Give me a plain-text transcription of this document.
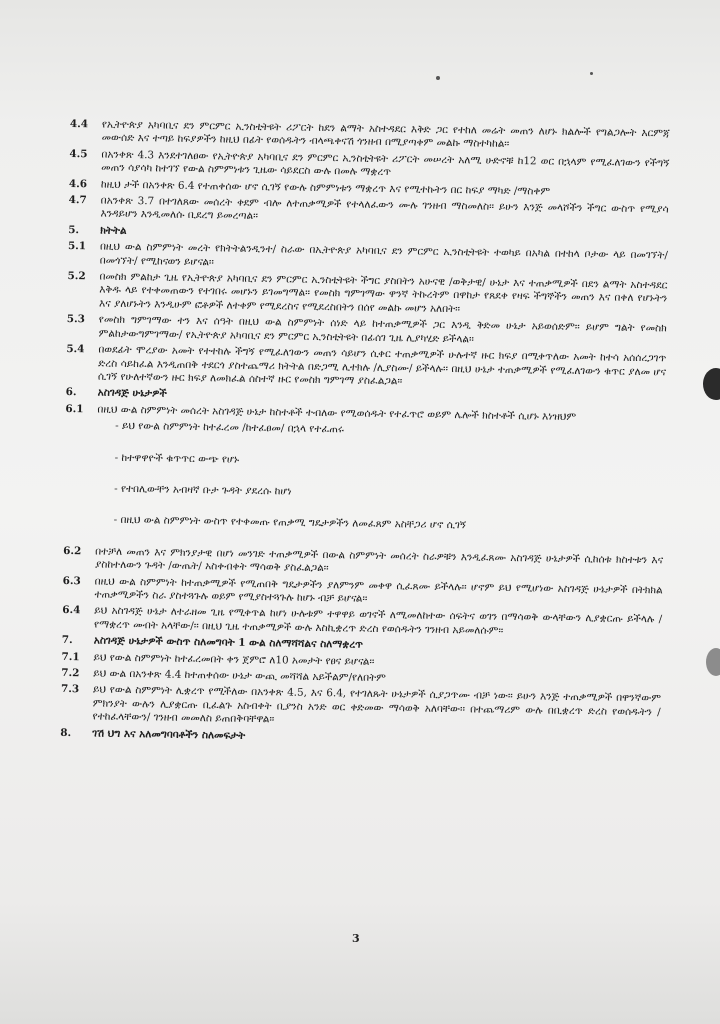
4.4	የኢትዮጵያ አካባቢና ደን ምርምር ኢንስቲትዩት ሪፖርት ከደን ልማት አስተዳደር እቅድ ጋር የተከለ መሬት መጠን ለሆኑ ክልሎች የግልጋሎት እርምጃ መውሰድ እና ተጣይ ከፍያዎችን ከዚህ በፊት የወሰዱትን ብላጫቀናሽ ጎንዘብ በሚያጣቀም መልኩ ማስተካከል፡፡
4.5	በአንቀጽ 4.3 እንደተገለፀው የኢትዮጵያ አካባቢና ደን ምርምር ኢንስቲትዩት ሪፖርት መሠረት አለሚ ሁድኖቹ ከ12 ወር በኋላም የሚፈለገውን የችግኝ መጠን ሳያሳካ ከተገኘ የውል ስምምነቱን ጊዜው ሳይደርስ ውሉ በመሉ ማቋረጥ
4.6	ከዚህ ታች በአንቀጽ 6.4 የተጠቀሰው ሆኖ ሲገኝ የውሉ ስምምነቱን ማቋረጥ እና የሚተኩትን በር ከፍያ ማካድ /ማስቀም
4.7	በአንቀጽ 3.7 በተገለጸው መሰረት ቀደም ብሎ ለተጠቃሚዎች የተላለፈውን ሙሉ ገንዘብ ማስመለስ፡፡ ይሁን እንጅ መላሾችን ችግር ውስጥ የሚያሳ እንዳይሆን እንዲመለሱ ቢደረግ ይመረጣል፡፡
5.	ክትትል
5.1	በዚህ ውል ስምምነት መረት የክትትልንዲንተ/ ስራው በኢትዮጵያ አካባቢና ደን ምርምር ኢንስቲትዩት ተወካይ በአካል በተከላ ቦታው ላይ በመገኘት/በመጎኘት/ የሚከናወን ይሆናል፡፡
5.2	በመስክ ምልከታ ጊዜ የኢትዮጵያ አካባቢና ደን ምርምር ኢንስቲትዩት ችግር ያስበትን አሁናዊ /ወቅታዊ/ ሁኔታ እና ተጠቃሚዎች በደን ልማት አስተዳደር እቅዱ ላይ የተቀመጠውን የተገበሩ መሆኑን ይገመግማል፡፡ የመስክ ግምገማው ዋንኛ ትኩረትም በዋከታ የጸደቀ የዛፍ ችግኞችን መጠን እና በቀለ የሆኑትን እና ያለሆኑትን እንዲሁም ፎቶዎች ለተቀም የሚደረስና የሚደረስበትን በሰየ መልኩ መሆን አለበት፡፡
5.3	የመስክ ግምገማው ተን እና ሰዓት በዚህ ውል ስምምነት ሰነድ ላይ ከተጠቃሚዎች ጋር እንዲ ቅድመ ሁኔታ አይወሰድም፡፡ ይሆም ግልት የመስክ ምልከታውግምገማው/ የኢትዮጵያ አካባቢና ደን ምርምር ኢንስቲትዩት በፊሰገ ጊዜ ሊያካሂድ ይችላል፡፡
5.4	በወደፊት ሞረያው አመት የተተከሉ ችግኝ የሚፈለገውን መጠን ሳይሆን ሲቀር ተጠቃሚዎች ሁሉተኛ ዙር ክፍያ በሚቀጥለው አመት ከተሳ አሰሰረጋገጥ ድረስ ሳይከፈል እንዲጠበቅ ተደርጎ ያስተጨማሪ ክትትል በድጋሚ ሊተክሉ /ሊያስሙ/ ይችላሉ፡፡ በዚህ ሁኔታ ተጠቃሚዎች የሚፈለገውን ቁጥር ያለመ ሆና ሲገኝ የሁለተኛውን ዙር ክፍያ ለመክፈል ሰስተኛ ዙር የመስክ ግምገማ ያስፈልጋል፡፡
6.	አስገዳጅ ሁኔታዎች
6.1	በዚህ ውል ስምምነት መሰረት አስገዳጅ ሁኔታ ከስተቶች ተብለው የሚወሰዱት የተፈጥሮ ወይም ሌሎች ክስተቶች ሲሆኑ እነዝህም
- ይህ የውል ስምምነት ከተፈረመ /ከተፈፀመ/ በኋላ የተፈጠሩ
- ከተዋዋዮች ቁጥጥር ውጭ የሆኑ
- የተበሊውቸን አብዛኛ ቡታ ጉዳት ያደረሱ ከሆነ
- በዚህ ውል ስምምነት ውስጥ የተቀመጡ የጠቃሚ ግዴታዎችን ለመፈጸም አስቸጋሪ ሆኖ ሲገኝ
6.2	በተቻለ መጠን እና ምክንያታዊ በሆነ መንገድ ተጠቃሚዎች በውል ስምምነት መሰረት ስራዎቹን እንዲፈጸሙ አስገዳጅ ሁኔታዎች ሲከሰቱ ክስተቱን እና ያስከተለውን ጉዳት /ውጤት/ አስቀብቀት ማሳወቅ ያስፈልጋል፡፡
6.3	በዚህ ውል ስምምነት ከተጠቃሚዎች የሚጠበቅ ግዴታዎችን ያለምንም መቀዋ ሲፈጸሙ ይችላሉ፡፡ ሆኖም ይህ የሚሆነው አስገዳጅ ሁኔታዎች በትክክል ተጠቃሚዎችን ስራ ያስተጓጉሉ ወይም የሚያስተጓጉሉ ከሆኑ ብቻ ይሆናል፡፡
6.4	ይህ አስገዳጅ ሁኔታ ለተራዘመ ጊዜ የሚቀጥል ከሆነ ሁሉቱም ተዋዋይ ወገኖች ለሚመለከተው ሰፍትና ወገን በማሳወቅ ውላቸውን ሊያቋርጡ ይችላሉ /የማቋረጥ መብት አላቸው/፡፡ በዚህ ጊዜ ተጠቃሚዎች ውሉ እስኪቋረጥ ድረስ የወሰዱትን ገንዘብ አይመለሱም፡፡
7.	አስገዳጅ ሁኔታዎች ውስጥ ስለመግባት 1 ውል ስለማሻሻልና ስለማቋረጥ
7.1	ይህ የውል ስምምነት ከተፈረመበት ቀን ጀምሮ ለ10 አመታት የፀና ይሆናል፡፡
7.2	ይህ ውል በአንቀጽ 4.4 ከተጠቀሰው ሁኔታ ውጪ መሻሻል አይችልም/የለበትም
7.3	ይህ የውል ስምምነት ሊቋረጥ የሚችለው በአንቀጽ 4.5, እና 6.4, የተገለጹት ሁኔታዎች ሲያጋጥሙ ብቻ ነው፡፡ ይሁን እንጅ ተጠቃሚዎች በዋንኛውም ምክንያት ውሉን ሊያቋርጡ ቢፈልጉ አስብቀት ቢያንስ አንድ ወር ቀድመው ማሳወቅ አለባቸው፡፡ በተጨማሪም ውሉ በቢቋረጥ ድረስ የወሰዱትን /የተከፈላቸውን/ ገንዘብ መመለስ ይጠበቅባቸዋል፡፡
8.	ገሽ ህግ እና አለመግባባቶችን ስለመፍታት
3
